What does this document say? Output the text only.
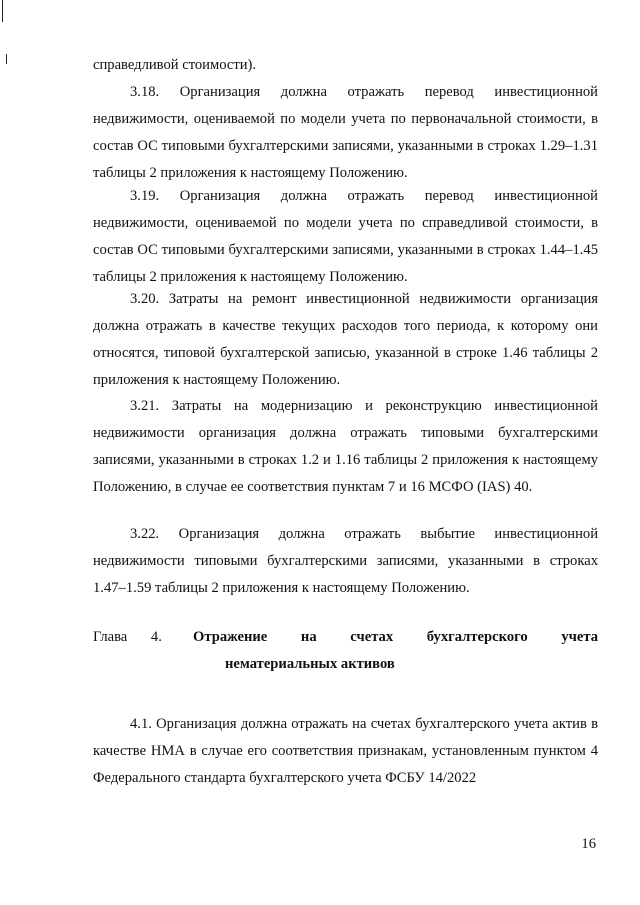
справедливой стоимости).

3.18. Организация должна отражать перевод инвестиционной недвижимости, оцениваемой по модели учета по первоначальной стоимости, в состав ОС типовыми бухгалтерскими записями, указанными в строках 1.29–1.31 таблицы 2 приложения к настоящему Положению.

3.19. Организация должна отражать перевод инвестиционной недвижимости, оцениваемой по модели учета по справедливой стоимости, в состав ОС типовыми бухгалтерскими записями, указанными в строках 1.44–1.45 таблицы 2 приложения к настоящему Положению.

3.20. Затраты на ремонт инвестиционной недвижимости организация должна отражать в качестве текущих расходов того периода, к которому они относятся, типовой бухгалтерской записью, указанной в строке 1.46 таблицы 2 приложения к настоящему Положению.

3.21. Затраты на модернизацию и реконструкцию инвестиционной недвижимости организация должна отражать типовыми бухгалтерскими записями, указанными в строках 1.2 и 1.16 таблицы 2 приложения к настоящему Положению, в случае ее соответствия пунктам 7 и 16 МСФО (IAS) 40.

3.22. Организация должна отражать выбытие инвестиционной недвижимости типовыми бухгалтерскими записями, указанными в строках 1.47–1.59 таблицы 2 приложения к настоящему Положению.

Глава 4.	Отражение на счетах бухгалтерского учета
нематериальных активов

4.1. Организация должна отражать на счетах бухгалтерского учета актив в качестве НМА в случае его соответствия признакам, установленным пунктом 4 Федерального стандарта бухгалтерского учета ФСБУ 14/2022

16
